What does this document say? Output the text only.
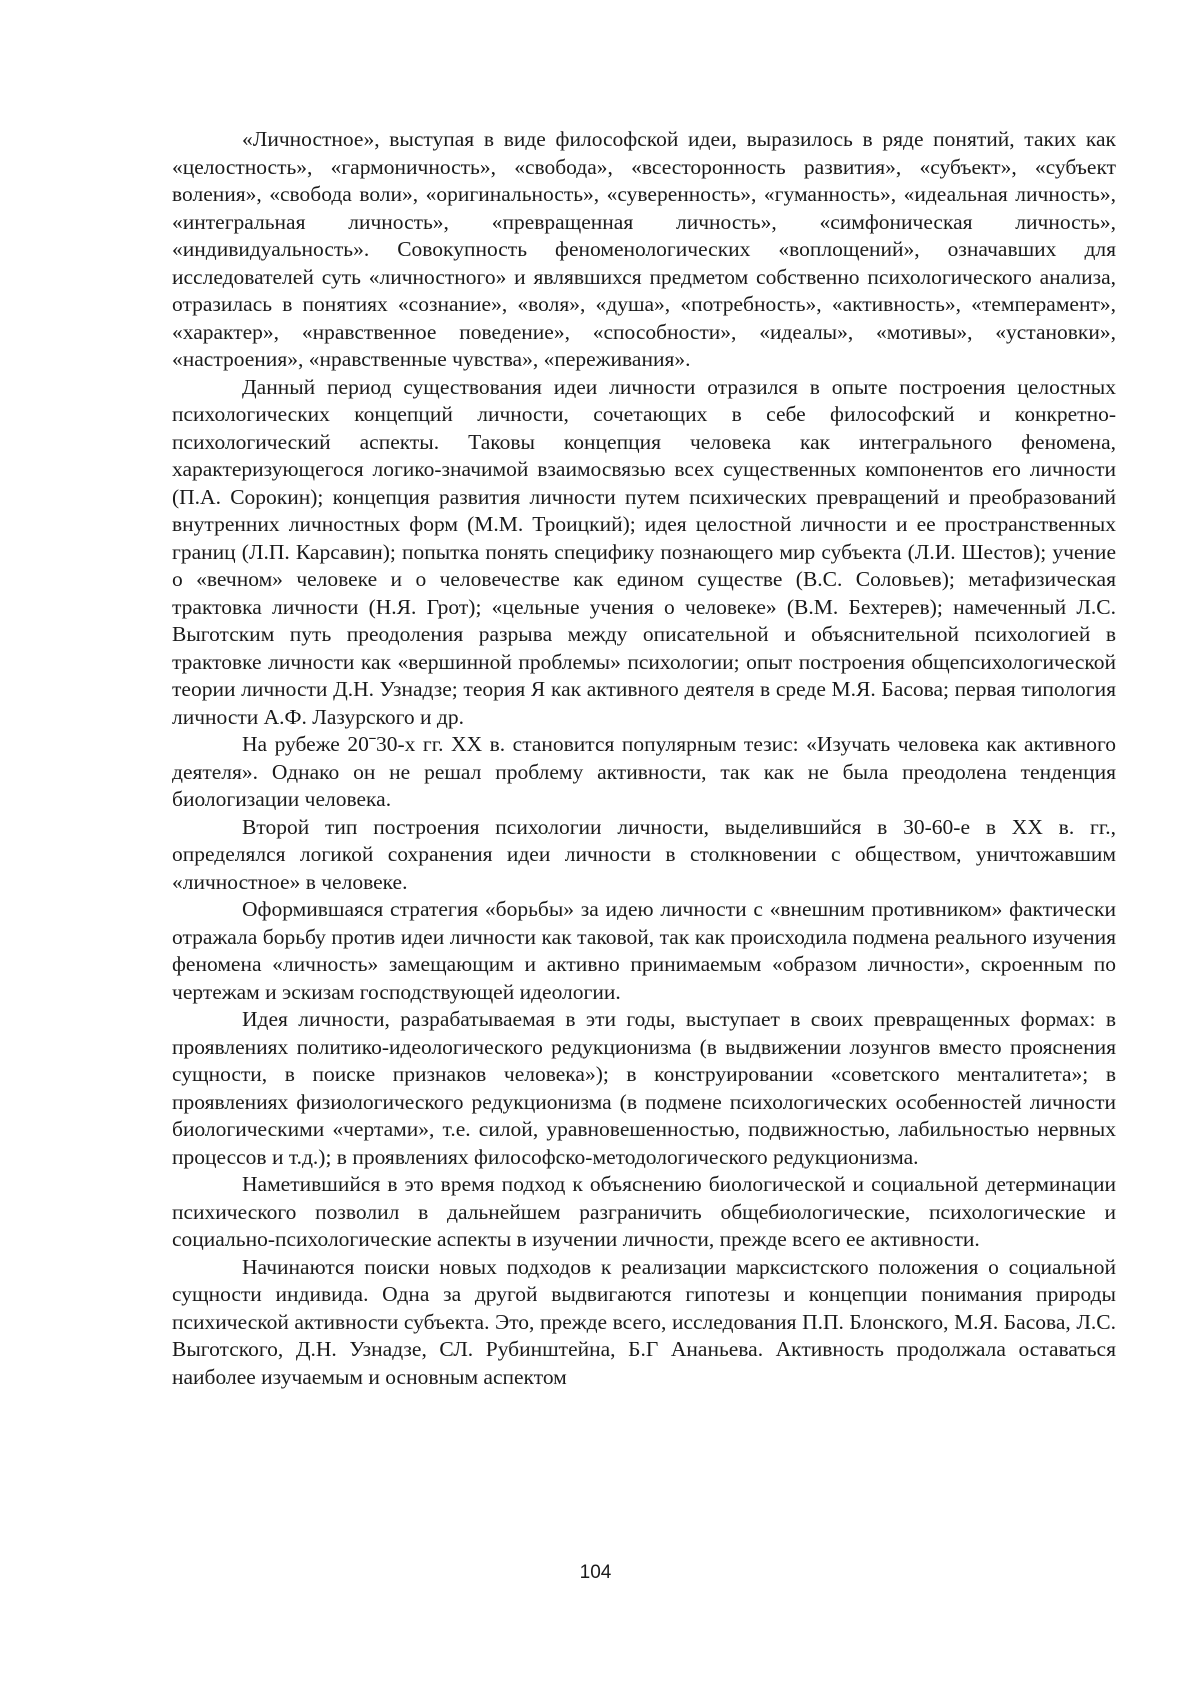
«Личностное», выступая в виде философской идеи, выразилось в ряде понятий, таких как «целостность», «гармоничность», «свобода», «всесторонность развития», «субъект», «субъект воления», «свобода воли», «оригинальность», «суверенность», «гуманность», «идеальная личность», «интегральная личность», «превращенная личность», «симфоническая личность», «индивидуальность». Совокупность феноменологических «воплощений», означавших для исследователей суть «личностного» и являвшихся предметом собственно психологического анализа, отразилась в понятиях «сознание», «воля», «душа», «потребность», «активность», «темперамент», «характер», «нравственное поведение», «способности», «идеалы», «мотивы», «установки», «настроения», «нравственные чувства», «переживания».

Данный период существования идеи личности отразился в опыте построения целостных психологических концепций личности, сочетающих в себе философский и конкретно-психологический аспекты. Таковы концепция человека как интегрального феномена, характеризующегося логико-значимой взаимосвязью всех существенных компонентов его личности (П.А. Сорокин); концепция развития личности путем психических превращений и преобразований внутренних личностных форм (М.М. Троицкий); идея целостной личности и ее пространственных границ (Л.П. Карсавин); попытка понять специфику познающего мир субъекта (Л.И. Шестов); учение о «вечном» человеке и о человечестве как едином существе (В.С. Соловьев); метафизическая трактовка личности (Н.Я. Грот); «цельные учения о человеке» (В.М. Бехтерев); намеченный Л.С. Выготским путь преодоления разрыва между описательной и объяснительной психологией в трактовке личности как «вершинной проблемы» психологии; опыт построения общепсихологической теории личности Д.Н. Узнадзе; теория Я как активного деятеля в среде М.Я. Басова; первая типология личности А.Ф. Лазурского и др.

На рубеже 20ˉ30-х гг. XX в. становится популярным тезис: «Изучать человека как активного деятеля». Однако он не решал проблему активности, так как не была преодолена тенденция биологизации человека.

Второй тип построения психологии личности, выделившийся в 30-60-е в XX в. гг., определялся логикой сохранения идеи личности в столкновении с обществом, уничтожавшим «личностное» в человеке.

Оформившаяся стратегия «борьбы» за идею личности с «внешним противником» фактически отражала борьбу против идеи личности как таковой, так как происходила подмена реального изучения феномена «личность» замещающим и активно принимаемым «образом личности», скроенным по чертежам и эскизам господствующей идеологии.

Идея личности, разрабатываемая в эти годы, выступает в своих превращенных формах: в проявлениях политико-идеологического редукционизма (в выдвижении лозунгов вместо прояснения сущности, в поиске признаков человека»); в конструировании «советского менталитета»; в проявлениях физиологического редукционизма (в подмене психологических особенностей личности биологическими «чертами», т.е. силой, уравновешенностью, подвижностью, лабильностью нервных процессов и т.д.); в проявлениях философско-методологического редукционизма.

Наметившийся в это время подход к объяснению биологической и социальной детерминации психического позволил в дальнейшем разграничить общебиологические, психологические и социально-психологические аспекты в изучении личности, прежде всего ее активности.

Начинаются поиски новых подходов к реализации марксистского положения о социальной сущности индивида. Одна за другой выдвигаются гипотезы и концепции понимания природы психической активности субъекта. Это, прежде всего, исследования П.П. Блонского, М.Я. Басова, Л.С. Выготского, Д.Н. Узнадзе, СЛ. Рубинштейна, Б.Г Ананьева. Активность продолжала оставаться наиболее изучаемым и основным аспектом

104
